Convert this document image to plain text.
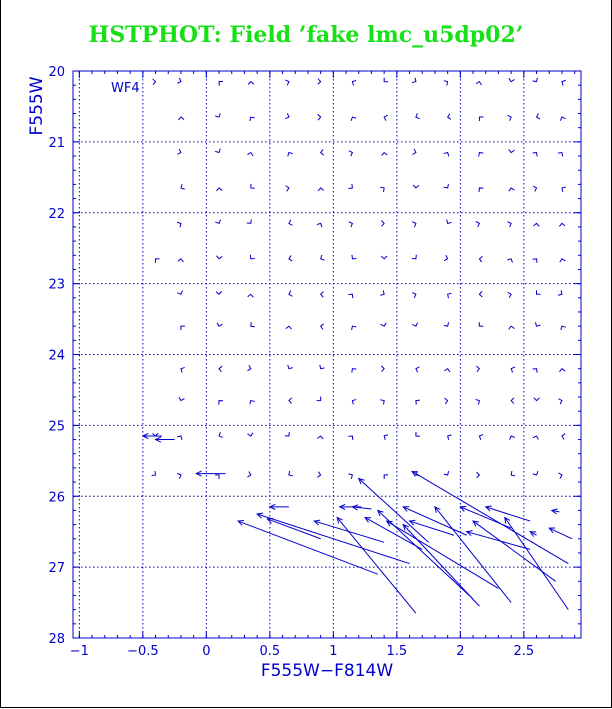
HSTPHOT: Field ’fake lmc_u5dp02’
−1	−0.5	0	0.5	1	1.5	2	2.5
20
21
22
23
24
25
26
27
28
WF4
F555W−F814W
F555W
